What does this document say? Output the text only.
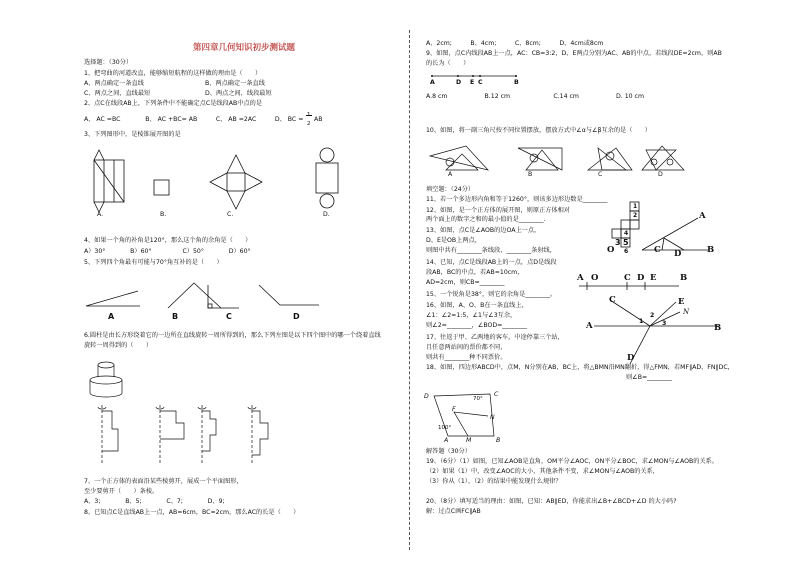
第四章几何知识初步测试题
选择题：（30分）
1、把弯曲的河道改直，能够缩短航程的这样做的理由是（　　）
A、两点确定一条直线	B、两点确定一条直线
C、两点之间，直线最短	D、两点之间，线段最短
2、点C在线段AB上，下列条件中不能确定点C是线段AB中点的是
A、 AC =BC　　　　B、 AC +BC= AB　　　C、 AB =2AC　　　D、 BC =
1
2
AB
3、下列图形中，是棱锥展开图的是
A.	B.	C.	D.
4、如果一个角的补角是120°，那么这个角的余角是（　　）
A）30°　　　　B）60°　　　　　C）50°　　　　D）60°
5、下列四个角最有可能与70°角互补的是（　　）
A	B	C	D
6.圆柱是由长方形绕着它的一边所在直线旋转一周所得到的，那么下列左图是以下四个图中的哪一个绕着直线
旋转一周得到的（　　）
7、一个正方体的表面沿某些棱剪开，展成一个平面图形，
至少要剪开（　　）条棱。
A、3;　　　　B、5;　　　　C、7;　　　　D、9;
8、已知点C是直线AB上一点，AB=6cm，BC=2cm，那么AC的长是（　　）
A、2cm;　　　B、4cm;　　　C、8cm;　　　D、4cm或8cm
9、如图，点C内线段AB上一点，AC：CB=3:2，D、E两点分别为AC、AB的中点，若线段DE=2cm，则AB
的长为（　　）
A	D E C	B
A.8 cm　　　　　　B.12 cm　　　　　　　C.14 cm　　　　　　D. 10 cm
10、如图，将一副三角尺按不同位置摆放，摆放方式中∠α与∠β互余的是（　　）
A	B	C	D
填空题：（24分）
11、若一个多边形内角和等于1260°，则该多边形边数是________
12、如图，是一个正方体的展开图，则原正方体相对
两个面上的数字之和的最小值的是________.
1
2
3 5
4
6
O	C D	B
A
13、如图，点C是∠AOB的边OA上一点，
D、E是OB上两点，
则图中共有________条线段，________条射线，
14、已知，点C是线段AB上的一点，点D是线段
段AB，BC的中点，若AB=10cm，
AD=2cm，则CB=________	A O	C D E	B
15、一个锐角是38°，则它的余角是________。
16、如图，A、O、B在一条直线上，
∠1：∠2=1:5，∠1与∠3互余，
则∠2=________，∠BOD=________	A
C	E
D
B
1
2
3
N
17、往返于甲、乙两地的客车，中途停靠三个站，
且任意两站间的票价都不同，
则共有________种不同票价。
18、如图，四边形ABCD中，点M，N分别在AB，BC上，将△BMN沿MN翻折，得△FMN，若MF∥AD，FN∥DC，
D
A
C
F
N
M	B
70°
100°
则∠B=________
解答题（30分）
19、（6分）（1）如图，已知∠AOB是直角，OM平分∠AOC，ON平分∠BOC，求∠MON与∠AOB的关系。
（2）如果（1）中，改变∠AOC的大小，其他条件不变，求∠MON与∠AOB的关系，
（3）你从（1）、（2）的结果中能发现什么规律？
20、（8分）填写适当的理由：如图，已知：AB∥ED，你能求出∠B+∠BCD+∠D 的大小吗?
解：过点C画FC∥AB
